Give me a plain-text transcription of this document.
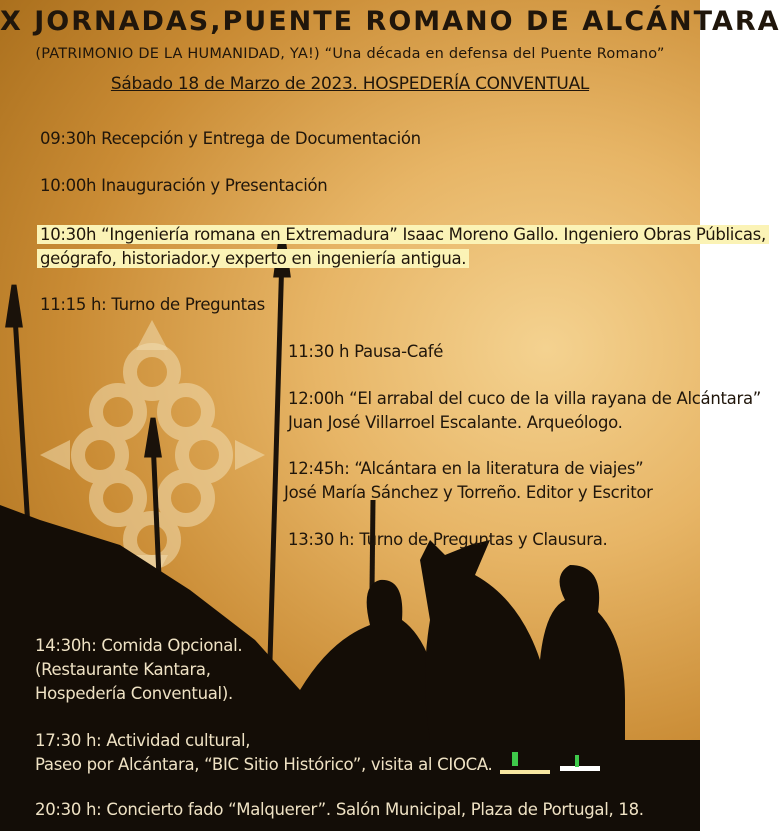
X JORNADAS,PUENTE ROMANO DE ALCÁNTARA
(PATRIMONIO DE LA HUMANIDAD, YA!) “Una década en defensa del Puente Romano”
Sábado 18 de Marzo de 2023. HOSPEDERÍA CONVENTUAL
09:30h Recepción y Entrega de Documentación
10:00h Inauguración y Presentación
10:30h “Ingeniería romana en Extremadura” Isaac Moreno Gallo. Ingeniero Obras Públicas,
geógrafo, historiador.y experto en ingeniería antigua.
11:15 h: Turno de Preguntas
11:30 h Pausa-Café
12:00h “El arrabal del cuco de la villa rayana de Alcántara”
Juan José Villarroel Escalante. Arqueólogo.
12:45h: “Alcántara en la literatura de viajes”
José María Sánchez y Torreño. Editor y Escritor
13:30 h: Turno de Preguntas y Clausura.
14:30h: Comida Opcional.
(Restaurante Kantara,
Hospedería Conventual).
17:30 h: Actividad cultural,
Paseo por Alcántara, “BIC Sitio Histórico”, visita al CIOCA.
20:30 h: Concierto fado “Malquerer”. Salón Municipal, Plaza de Portugal, 18.
